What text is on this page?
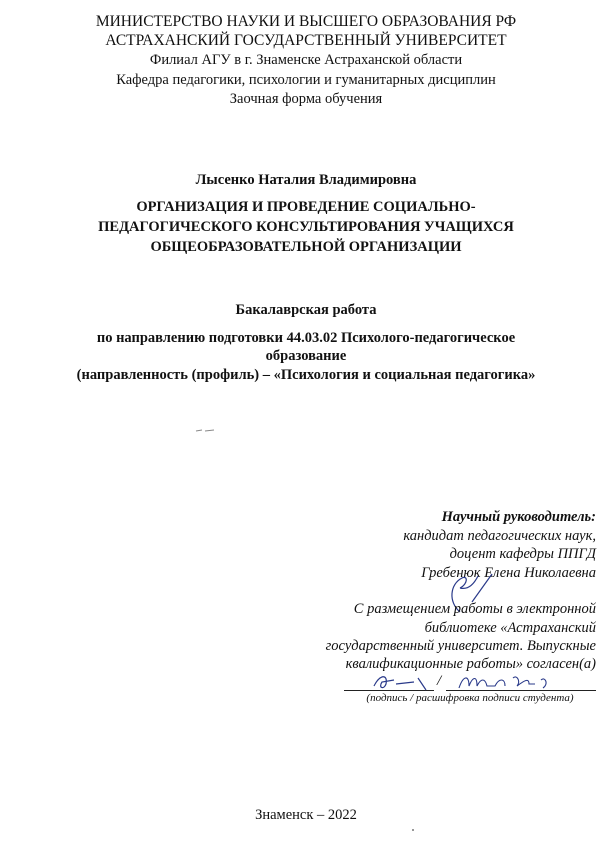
МИНИСТЕРСТВО НАУКИ И ВЫСШЕГО ОБРАЗОВАНИЯ РФ
АСТРАХАНСКИЙ ГОСУДАРСТВЕННЫЙ УНИВЕРСИТЕТ
Филиал АГУ в г. Знаменске Астраханской области
Кафедра педагогики, психологии и гуманитарных дисциплин
Заочная форма обучения
Лысенко Наталия Владимировна
ОРГАНИЗАЦИЯ И ПРОВЕДЕНИЕ СОЦИАЛЬНО-
ПЕДАГОГИЧЕСКОГО КОНСУЛЬТИРОВАНИЯ УЧАЩИХСЯ
ОБЩЕОБРАЗОВАТЕЛЬНОЙ ОРГАНИЗАЦИИ
Бакалаврская работа
по направлению подготовки 44.03.02 Психолого-педагогическое
образование
(направленность (профиль) – «Психология и социальная педагогика»
Научный руководитель:
кандидат педагогических наук,
доцент кафедры ППГД
Гребенюк Елена Николаевна
С размещением работы в электронной
библиотеке «Астраханский
государственный университет. Выпускные
квалификационные работы» согласен(а)
/
(подпись / расшифровка подписи студента)
Знаменск – 2022
